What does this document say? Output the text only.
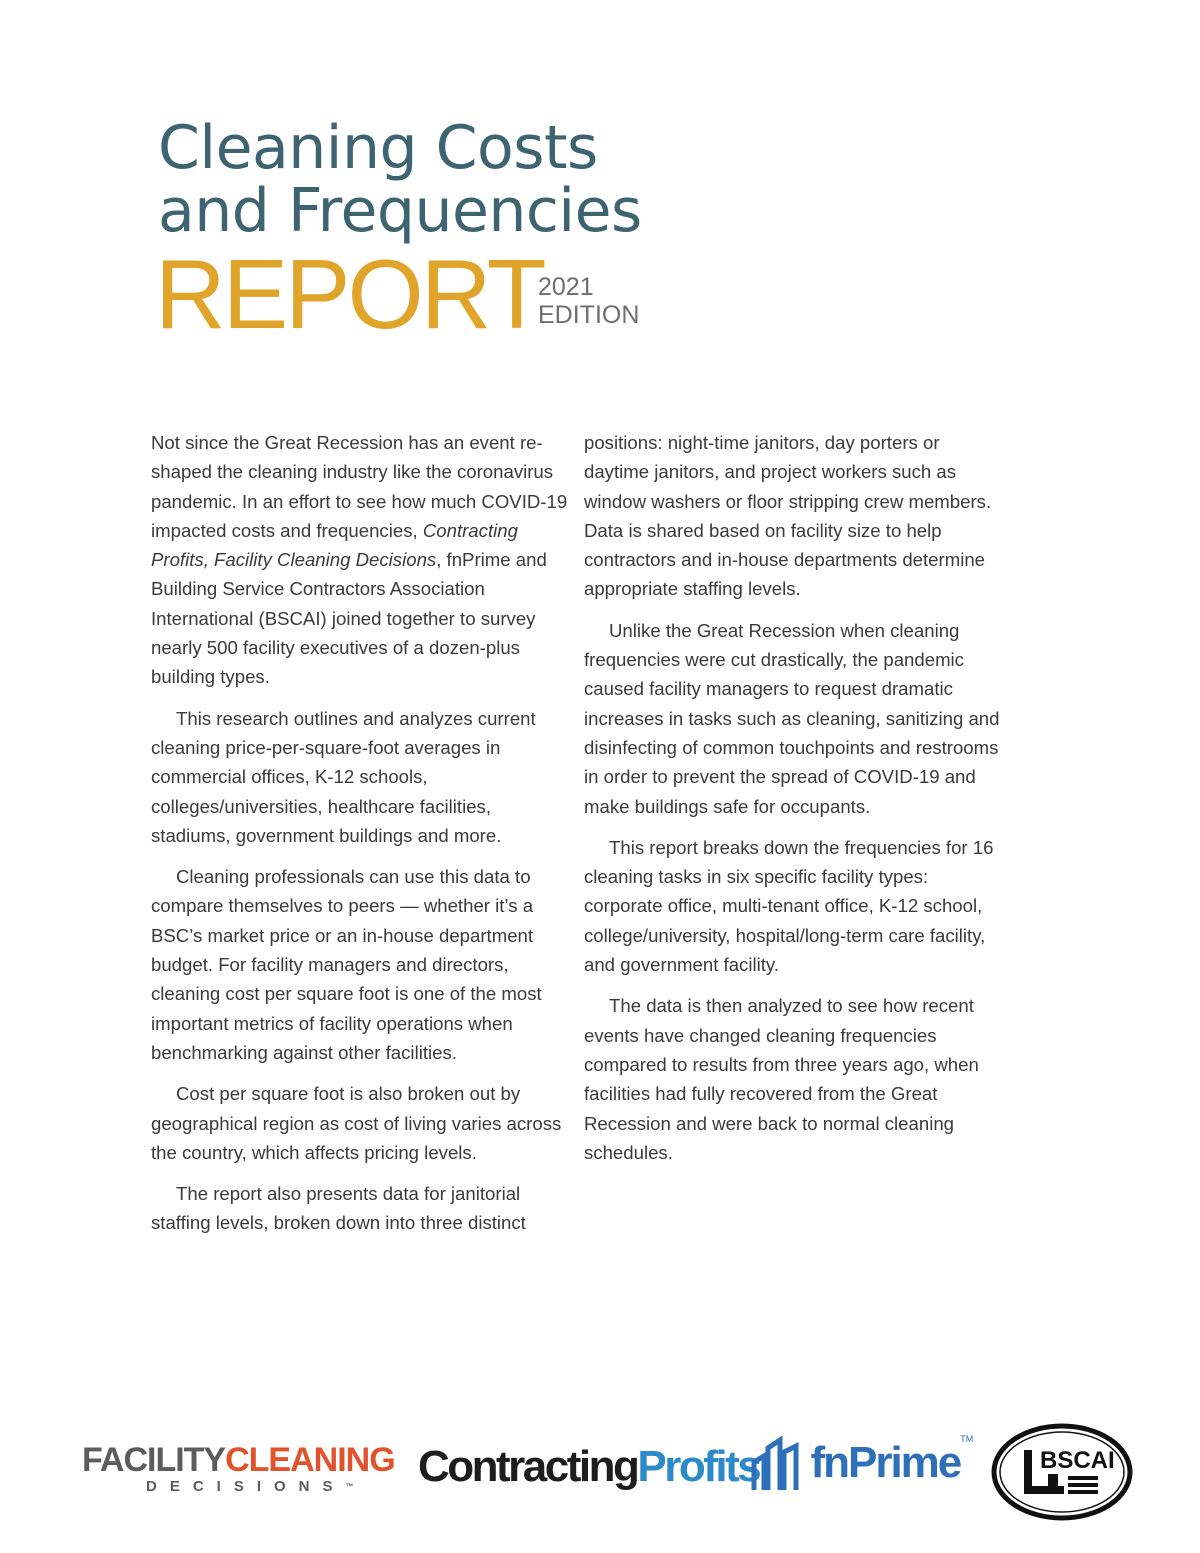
Cleaning Costs
and Frequencies
REPORT
2021
EDITION

Not since the Great Recession has an event re-shaped the cleaning industry like the coronavirus pandemic. In an effort to see how much COVID-19 impacted costs and frequencies, Contracting Profits, Facility Cleaning Decisions, fnPrime and Building Service Contractors Association International (BSCAI) joined together to survey nearly 500 facility executives of a dozen-plus building types.

This research outlines and analyzes current cleaning price-per-square-foot averages in commercial offices, K-12 schools, colleges/universities, healthcare facilities, stadiums, government buildings and more.

Cleaning professionals can use this data to compare themselves to peers — whether it’s a BSC’s market price or an in-house department budget. For facility managers and directors, cleaning cost per square foot is one of the most important metrics of facility operations when benchmarking against other facilities.

Cost per square foot is also broken out by geographical region as cost of living varies across the country, which affects pricing levels.

The report also presents data for janitorial staffing levels, broken down into three distinct

positions: night-time janitors, day porters or daytime janitors, and project workers such as window washers or floor stripping crew members. Data is shared based on facility size to help contractors and in-house departments determine appropriate staffing levels.

Unlike the Great Recession when cleaning frequencies were cut drastically, the pandemic caused facility managers to request dramatic increases in tasks such as cleaning, sanitizing and disinfecting of common touchpoints and restrooms in order to prevent the spread of COVID-19 and make buildings safe for occupants.

This report breaks down the frequencies for 16 cleaning tasks in six specific facility types: corporate office, multi-tenant office, K-12 school, college/university, hospital/long-term care facility, and government facility.

The data is then analyzed to see how recent events have changed cleaning frequencies compared to results from three years ago, when facilities had fully recovered from the Great Recession and were back to normal cleaning schedules.

FACILITYCLEANING
DECISIONS™	ContractingProfits	fnPrime™
BSCAI
